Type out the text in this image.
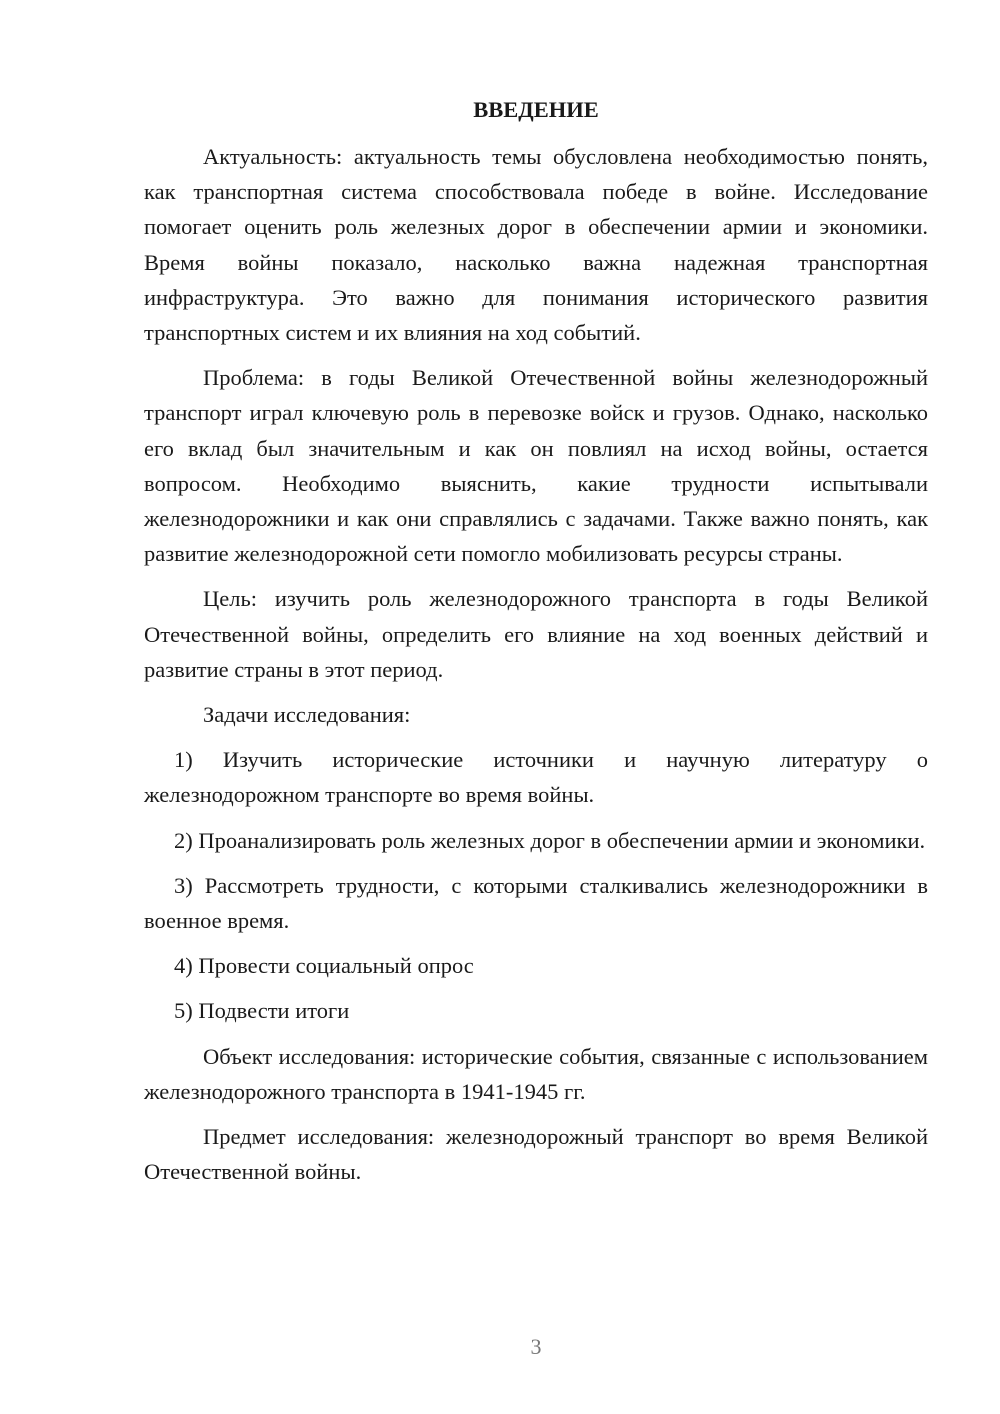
ВВЕДЕНИЕ

Актуальность: актуальность темы обусловлена необходимостью понять, как транспортная система способствовала победе в войне. Исследование помогает оценить роль железных дорог в обеспечении армии и экономики. Время войны показало, насколько важна надежная транспортная инфраструктура. Это важно для понимания исторического развития транспортных систем и их влияния на ход событий.

Проблема: в годы Великой Отечественной войны железнодорожный транспорт играл ключевую роль в перевозке войск и грузов. Однако, насколько его вклад был значительным и как он повлиял на исход войны, остается вопросом. Необходимо выяснить, какие трудности испытывали железнодорожники и как они справлялись с задачами. Также важно понять, как развитие железнодорожной сети помогло мобилизовать ресурсы страны.

Цель: изучить роль железнодорожного транспорта в годы Великой Отечественной войны, определить его влияние на ход военных действий и развитие страны в этот период.

Задачи исследования:

1) Изучить исторические источники и научную литературу о железнодорожном транспорте во время войны.

2) Проанализировать роль железных дорог в обеспечении армии и экономики.

3) Рассмотреть трудности, с которыми сталкивались железнодорожники в военное время.

4) Провести социальный опрос

5) Подвести итоги

Объект исследования: исторические события, связанные с использованием железнодорожного транспорта в 1941-1945 гг.

Предмет исследования: железнодорожный транспорт во время Великой Отечественной войны.

3
